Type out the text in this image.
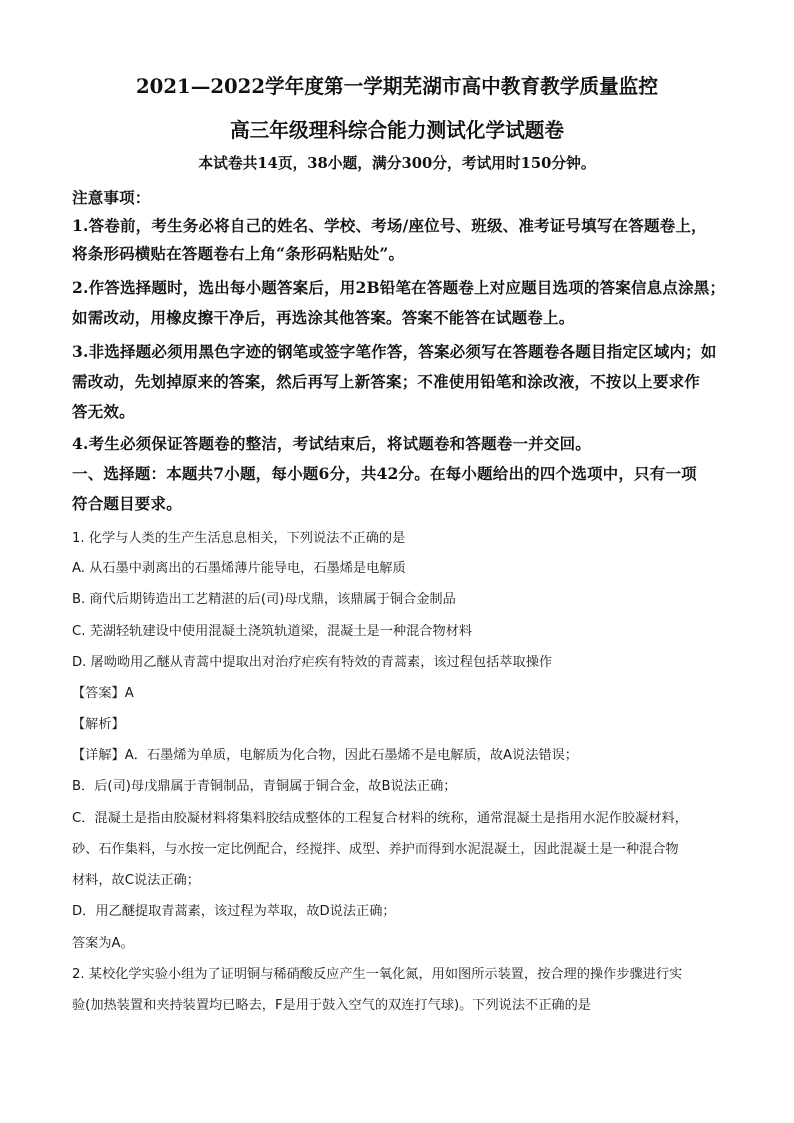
2021—2022学年度第一学期芜湖市高中教育教学质量监控
高三年级理科综合能力测试化学试题卷
本试卷共14页，38小题，满分300分，考试用时150分钟。
注意事项：
1.答卷前，考生务必将自己的姓名、学校、考场/座位号、班级、准考证号填写在答题卷上，
将条形码横贴在答题卷右上角“条形码粘贴处”。
2.作答选择题时，选出每小题答案后，用2B铅笔在答题卷上对应题目选项的答案信息点涂黑；
如需改动，用橡皮擦干净后，再选涂其他答案。答案不能答在试题卷上。
3.非选择题必须用黑色字迹的钢笔或签字笔作答，答案必须写在答题卷各题目指定区域内；如
需改动，先划掉原来的答案，然后再写上新答案；不准使用铅笔和涂改液，不按以上要求作
答无效。
4.考生必须保证答题卷的整洁，考试结束后，将试题卷和答题卷一并交回。
一、选择题：本题共7小题，每小题6分，共42分。在每小题给出的四个选项中，只有一项
符合题目要求。
1. 化学与人类的生产生活息息相关，下列说法不正确的是
A. 从石墨中剥离出的石墨烯薄片能导电，石墨烯是电解质
B. 商代后期铸造出工艺精湛的后(司)母戊鼎，该鼎属于铜合金制品
C. 芜湖轻轨建设中使用混凝土浇筑轨道梁，混凝土是一种混合物材料
D. 屠呦呦用乙醚从青蒿中提取出对治疗疟疾有特效的青蒿素，该过程包括萃取操作
【答案】A
【解析】
【详解】A．石墨烯为单质，电解质为化合物，因此石墨烯不是电解质，故A说法错误；
B．后(司)母戊鼎属于青铜制品，青铜属于铜合金，故B说法正确；
C．混凝土是指由胶凝材料将集料胶结成整体的工程复合材料的统称，通常混凝土是指用水泥作胶凝材料，
砂、石作集料，与水按一定比例配合，经搅拌、成型、养护而得到水泥混凝土，因此混凝土是一种混合物
材料，故C说法正确；
D．用乙醚提取青蒿素，该过程为萃取，故D说法正确；
答案为A。
2. 某校化学实验小组为了证明铜与稀硝酸反应产生一氧化氮，用如图所示装置，按合理的操作步骤进行实
验(加热装置和夹持装置均已略去，F是用于鼓入空气的双连打气球)。下列说法不正确的是
